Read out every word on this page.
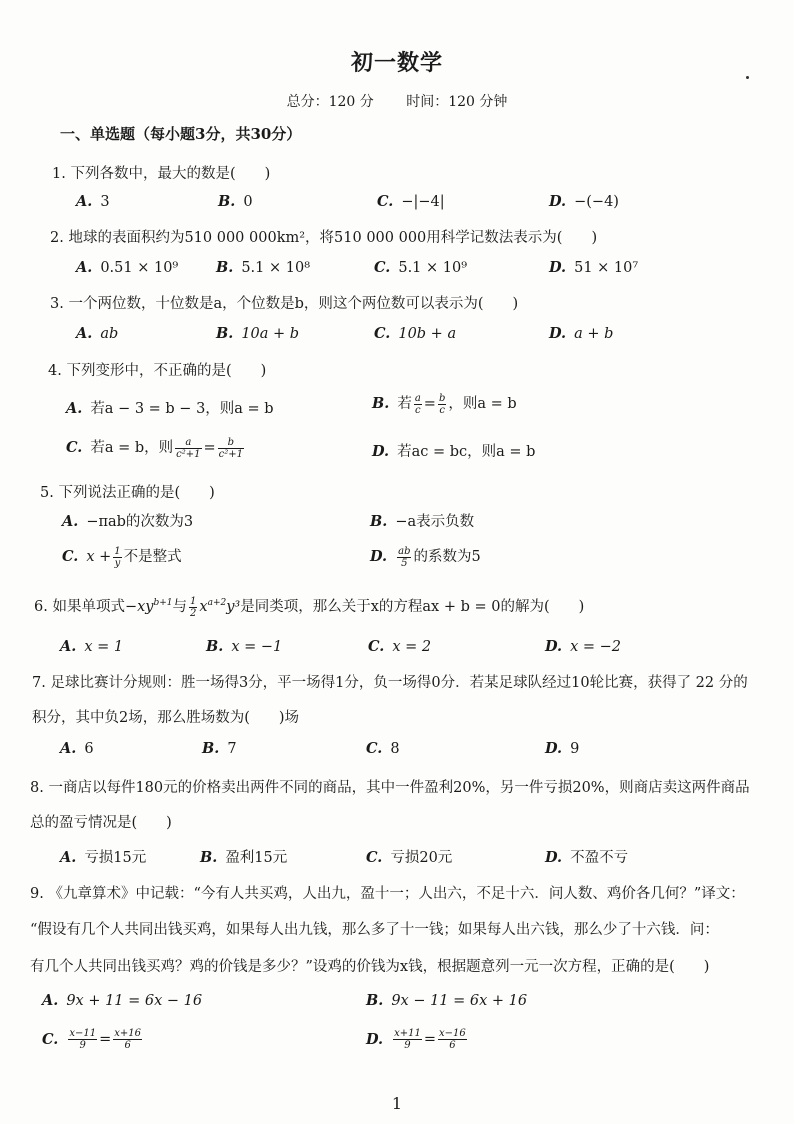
初一数学
总分：120 分 时间：120 分钟
一、单选题（每小题3分，共30分）
1. 下列各数中，最大的数是(　　)
A. 3	B. 0	C. −|−4|	D. −(−4)
2. 地球的表面积约为510 000 000km²，将510 000 000用科学记数法表示为(　　)
A. 0.51 × 10⁹	B. 5.1 × 10⁸	C. 5.1 × 10⁹	D. 51 × 10⁷
3. 一个两位数，十位数是a，个位数是b，则这个两位数可以表示为(　　)
A. ab	B. 10a + b	C. 10b + a	D. a + b
4. 下列变形中，不正确的是(　　)
A. 若a − 3 = b − 3，则a = b	B. 若 $\frac{a}{c} = \frac{b}{c}$ ，则a = b
C. 若a = b，则 $\frac{a}{\text{c²+1}} = \frac{b}{\text{c²+1}}$	D. 若ac = bc，则a = b
5. 下列说法正确的是(　　)
A. −πab的次数为3	B. −a表示负数
C. $x + \frac{1}{y}$ 不是整式	D. $\frac{ab}{5}$ 的系数为5
6. 如果单项式$-xy^{b+1}$与 $\frac{1}{2} x^{a+2}y^3$是同类项，那么关于x的方程ax + b = 0的解为(　　)
A. x = 1	B. x = −1	C. x = 2	D. x = −2
7. 足球比赛计分规则：胜一场得3分，平一场得1分，负一场得0分．若某足球队经过10轮比赛，获得了 22 分的
积分，其中负2场，那么胜场数为(　　)场
A. 6	B. 7	C. 8	D. 9
8. 一商店以每件180元的价格卖出两件不同的商品，其中一件盈利20%，另一件亏损20%，则商店卖这两件商品
总的盈亏情况是(　　)
A. 亏损15元	B. 盈利15元	C. 亏损20元	D. 不盈不亏
9. 《九章算术》中记载：“今有人共买鸡，人出九，盈十一；人出六，不足十六．问人数、鸡价各几何？”译文：
“假设有几个人共同出钱买鸡，如果每人出九钱，那么多了十一钱；如果每人出六钱，那么少了十六钱．问：
有几个人共同出钱买鸡？鸡的价钱是多少？”设鸡的价钱为x钱，根据题意列一元一次方程，正确的是(　　)
A. 9x + 11 = 6x − 16	B. 9x − 11 = 6x + 16
C. $\frac{x-11}{9} = \frac{x+16}{6}$	D. $\frac{x+11}{9} = \frac{x-16}{6}$
1
